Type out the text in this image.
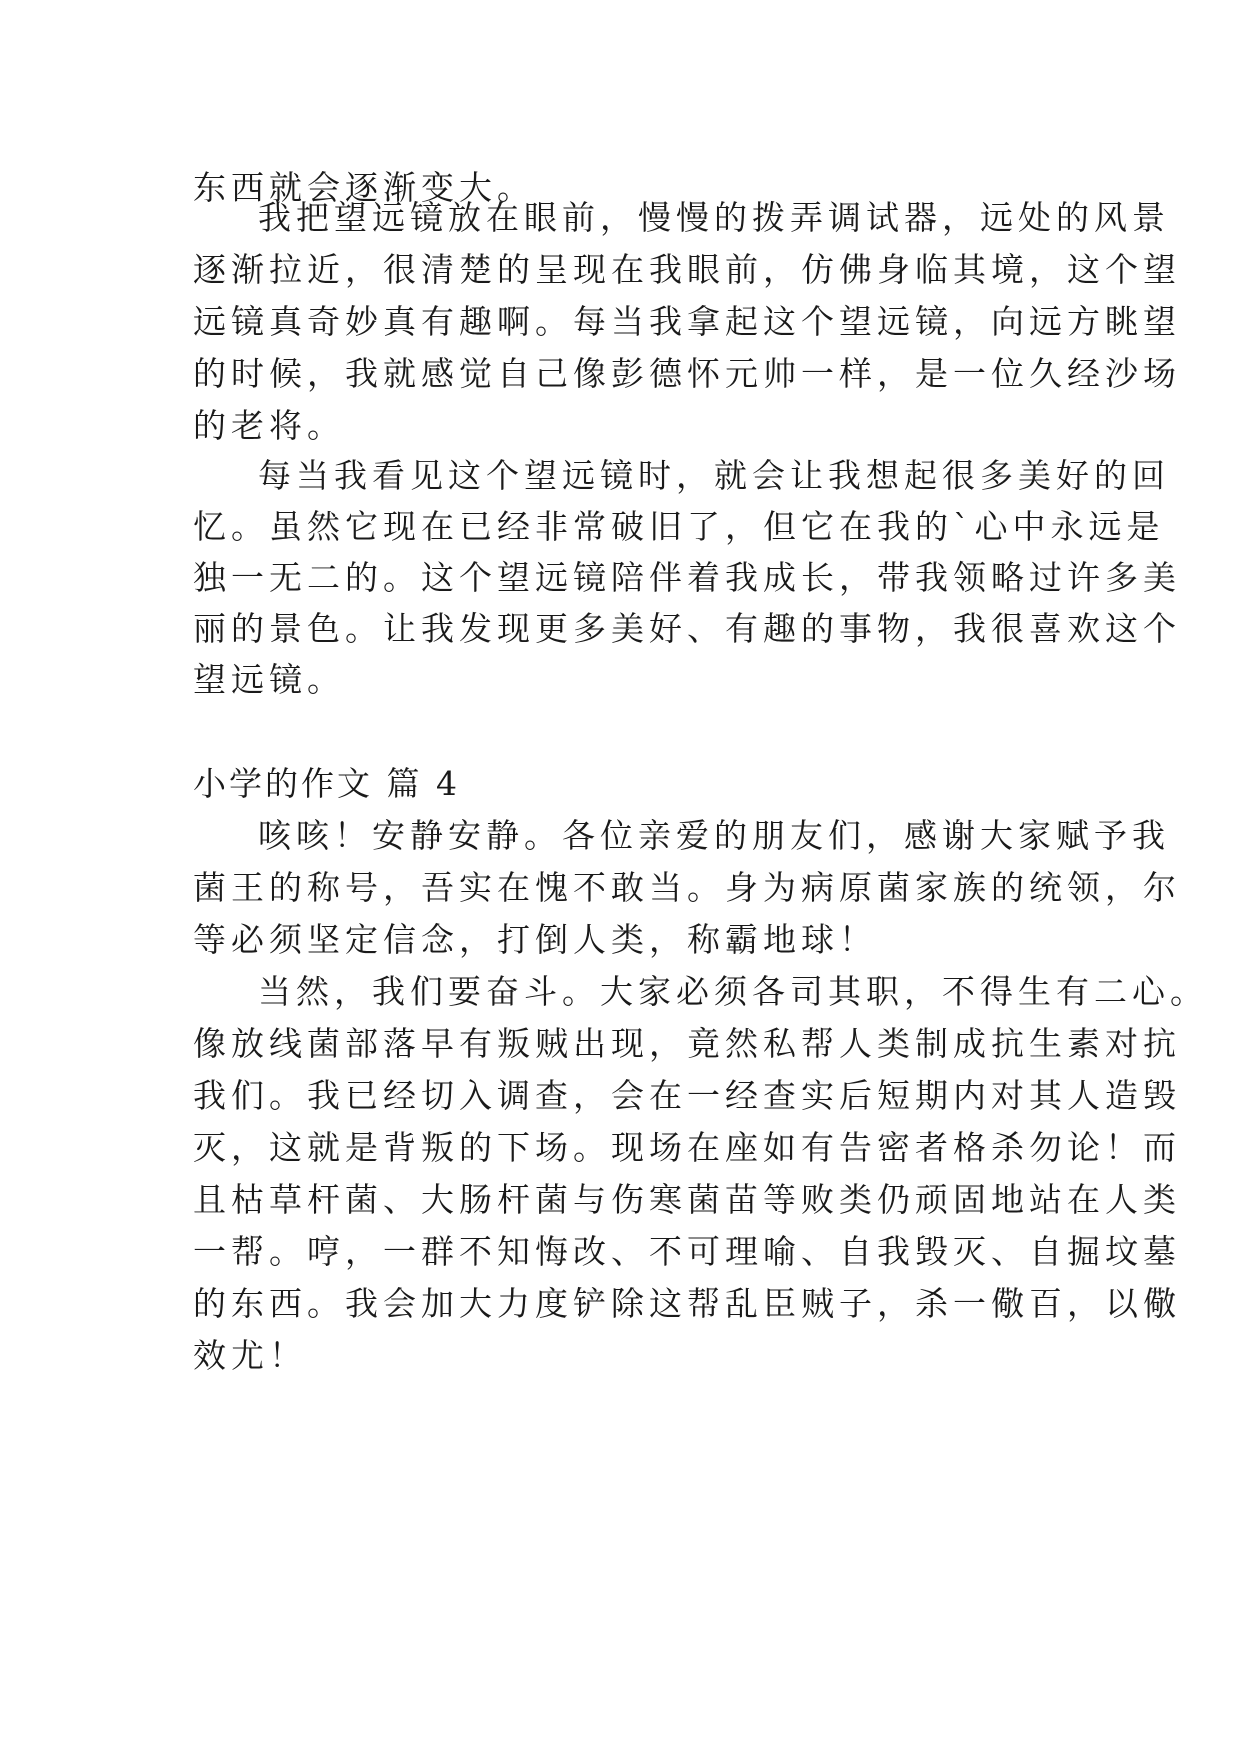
东西就会逐渐变大。
我把望远镜放在眼前，慢慢的拨弄调试器，远处的风景
逐渐拉近，很清楚的呈现在我眼前，仿佛身临其境，这个望
远镜真奇妙真有趣啊。每当我拿起这个望远镜，向远方眺望
的时候，我就感觉自己像彭德怀元帅一样，是一位久经沙场
的老将。
每当我看见这个望远镜时，就会让我想起很多美好的回
忆。虽然它现在已经非常破旧了，但它在我的`心中永远是
独一无二的。这个望远镜陪伴着我成长，带我领略过许多美
丽的景色。让我发现更多美好、有趣的事物，我很喜欢这个
望远镜。
小学的作文 篇 4
咳咳！安静安静。各位亲爱的朋友们，感谢大家赋予我
菌王的称号，吾实在愧不敢当。身为病原菌家族的统领，尔
等必须坚定信念，打倒人类，称霸地球！
当然，我们要奋斗。大家必须各司其职，不得生有二心。
像放线菌部落早有叛贼出现，竟然私帮人类制成抗生素对抗
我们。我已经切入调查，会在一经查实后短期内对其人造毁
灭，这就是背叛的下场。现场在座如有告密者格杀勿论！而
且枯草杆菌、大肠杆菌与伤寒菌苗等败类仍顽固地站在人类
一帮。哼，一群不知悔改、不可理喻、自我毁灭、自掘坟墓
的东西。我会加大力度铲除这帮乱臣贼子，杀一儆百，以儆
效尤！
